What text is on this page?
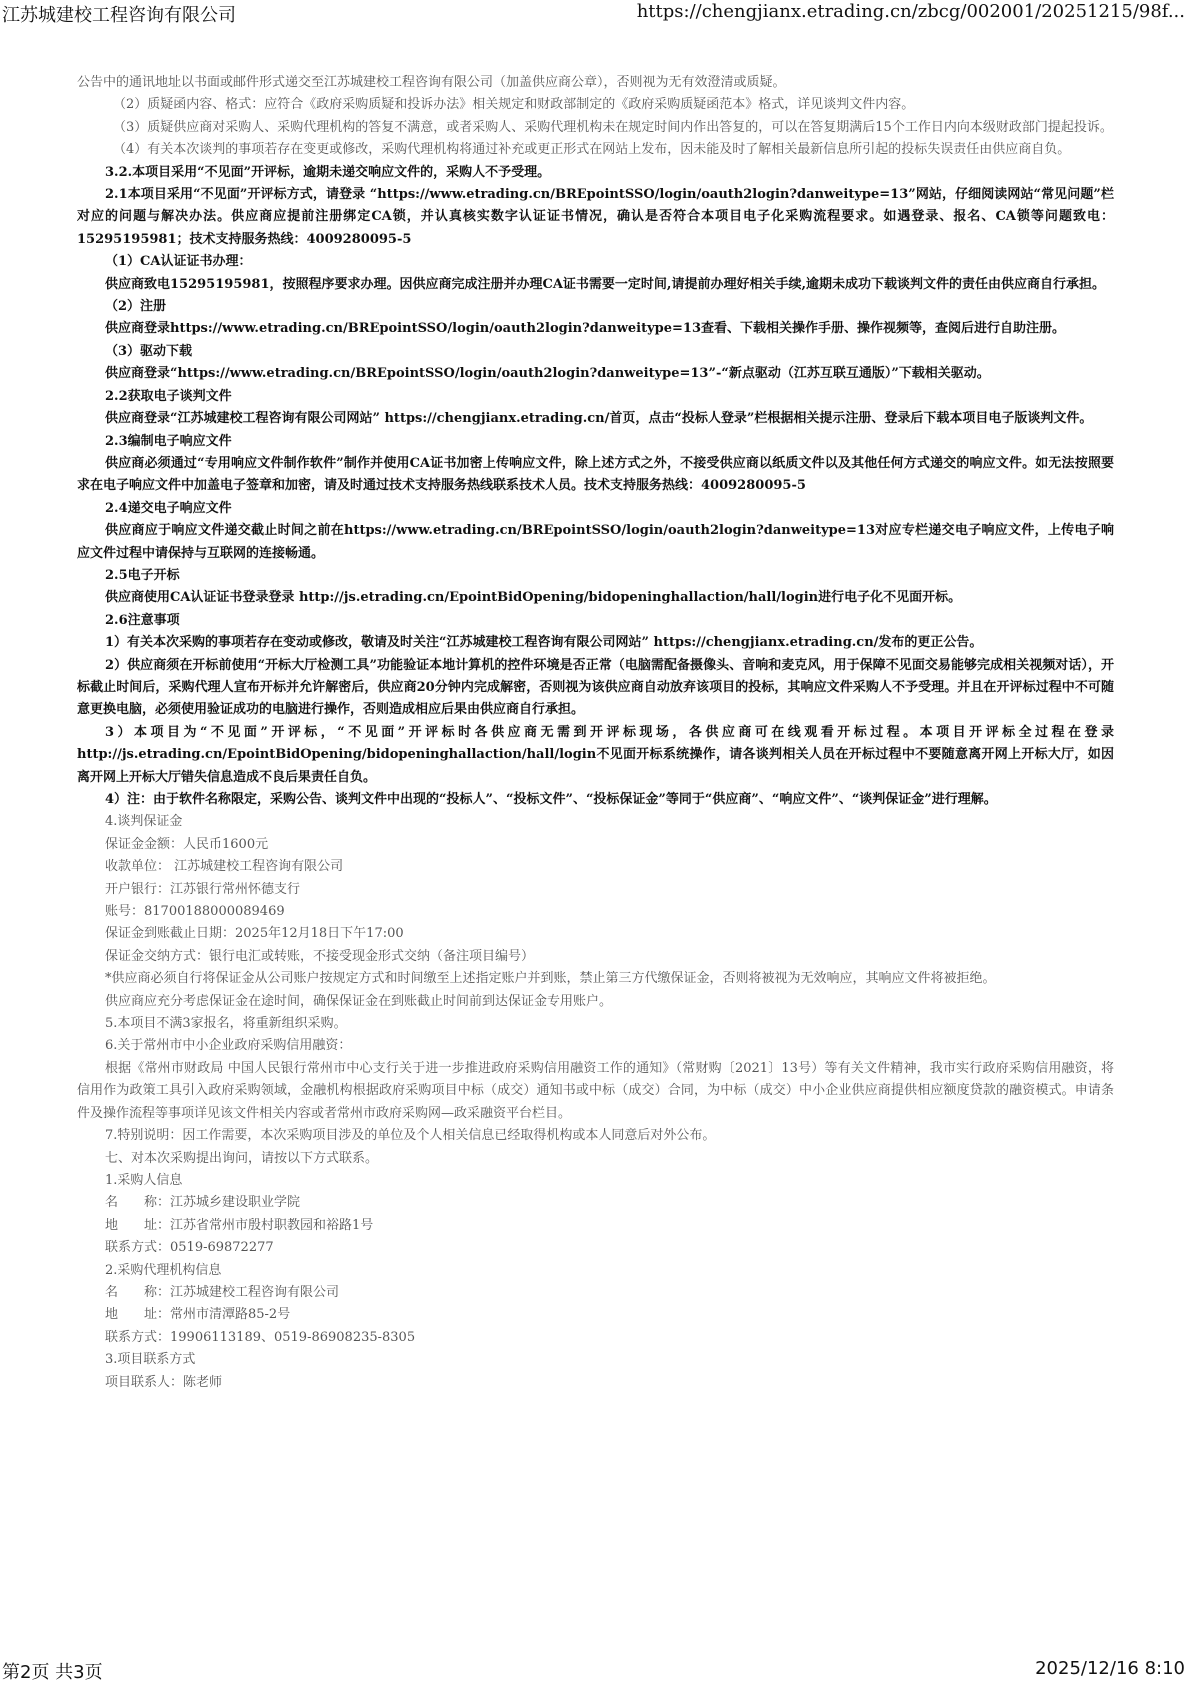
江苏城建校工程咨询有限公司	https://chengjianx.etrading.cn/zbcg/002001/20251215/98f...

公告中的通讯地址以书面或邮件形式递交至江苏城建校工程咨询有限公司（加盖供应商公章），否则视为无有效澄清或质疑。

（2）质疑函内容、格式：应符合《政府采购质疑和投诉办法》相关规定和财政部制定的《政府采购质疑函范本》格式，详见谈判文件内容。

（3）质疑供应商对采购人、采购代理机构的答复不满意，或者采购人、采购代理机构未在规定时间内作出答复的，可以在答复期满后15个工作日内向本级财政部门提起投诉。

（4）有关本次谈判的事项若存在变更或修改，采购代理机构将通过补充或更正形式在网站上发布，因未能及时了解相关最新信息所引起的投标失误责任由供应商自负。

3.2.本项目采用“不见面”开评标，逾期未递交响应文件的，采购人不予受理。

2.1本项目采用“不见面”开评标方式，请登录 “https://www.etrading.cn/BREpointSSO/login/oauth2login?danweitype=13”网站，仔细阅读网站“常见问题”栏对应的问题与解决办法。供应商应提前注册绑定CA锁，并认真核实数字认证证书情况，确认是否符合本项目电子化采购流程要求。如遇登录、报名、CA锁等问题致电：15295195981；技术支持服务热线：4009280095-5

（1）CA认证证书办理：

供应商致电15295195981，按照程序要求办理。因供应商完成注册并办理CA证书需要一定时间,请提前办理好相关手续,逾期未成功下载谈判文件的责任由供应商自行承担。

（2）注册

供应商登录https://www.etrading.cn/BREpointSSO/login/oauth2login?danweitype=13查看、下载相关操作手册、操作视频等，查阅后进行自助注册。

（3）驱动下载

供应商登录“https://www.etrading.cn/BREpointSSO/login/oauth2login?danweitype=13”-“新点驱动（江苏互联互通版）”下载相关驱动。

2.2获取电子谈判文件

供应商登录“江苏城建校工程咨询有限公司网站” https://chengjianx.etrading.cn/首页，点击“投标人登录”栏根据相关提示注册、登录后下载本项目电子版谈判文件。

2.3编制电子响应文件

供应商必须通过“专用响应文件制作软件”制作并使用CA证书加密上传响应文件，除上述方式之外，不接受供应商以纸质文件以及其他任何方式递交的响应文件。如无法按照要求在电子响应文件中加盖电子签章和加密，请及时通过技术支持服务热线联系技术人员。技术支持服务热线：4009280095-5

2.4递交电子响应文件

供应商应于响应文件递交截止时间之前在https://www.etrading.cn/BREpointSSO/login/oauth2login?danweitype=13对应专栏递交电子响应文件，上传电子响应文件过程中请保持与互联网的连接畅通。

2.5电子开标

供应商使用CA认证证书登录登录 http://js.etrading.cn/EpointBidOpening/bidopeninghallaction/hall/login进行电子化不见面开标。

2.6注意事项

1）有关本次采购的事项若存在变动或修改，敬请及时关注“江苏城建校工程咨询有限公司网站” https://chengjianx.etrading.cn/发布的更正公告。

2）供应商须在开标前使用“开标大厅检测工具”功能验证本地计算机的控件环境是否正常（电脑需配备摄像头、音响和麦克风，用于保障不见面交易能够完成相关视频对话），开标截止时间后，采购代理人宣布开标并允许解密后，供应商20分钟内完成解密，否则视为该供应商自动放弃该项目的投标，其响应文件采购人不予受理。并且在开评标过程中不可随意更换电脑，必须使用验证成功的电脑进行操作，否则造成相应后果由供应商自行承担。

3）本项目为“不见面”开评标，“不见面”开评标时各供应商无需到开评标现场，各供应商可在线观看开标过程。本项目开评标全过程在登录 http://js.etrading.cn/EpointBidOpening/bidopeninghallaction/hall/login不见面开标系统操作，请各谈判相关人员在开标过程中不要随意离开网上开标大厅，如因离开网上开标大厅错失信息造成不良后果责任自负。

4）注：由于软件名称限定，采购公告、谈判文件中出现的“投标人”、“投标文件”、“投标保证金”等同于“供应商”、“响应文件”、“谈判保证金”进行理解。

4.谈判保证金

保证金金额：人民币1600元

收款单位： 江苏城建校工程咨询有限公司

开户银行：江苏银行常州怀德支行

账号：81700188000089469

保证金到账截止日期：2025年12月18日下午17:00

保证金交纳方式：银行电汇或转账，不接受现金形式交纳（备注项目编号）

*供应商必须自行将保证金从公司账户按规定方式和时间缴至上述指定账户并到账，禁止第三方代缴保证金，否则将被视为无效响应，其响应文件将被拒绝。

供应商应充分考虑保证金在途时间，确保保证金在到账截止时间前到达保证金专用账户。

5.本项目不满3家报名，将重新组织采购。

6.关于常州市中小企业政府采购信用融资：

根据《常州市财政局 中国人民银行常州市中心支行关于进一步推进政府采购信用融资工作的通知》（常财购〔2021〕13号）等有关文件精神，我市实行政府采购信用融资，将信用作为政策工具引入政府采购领域，金融机构根据政府采购项目中标（成交）通知书或中标（成交）合同，为中标（成交）中小企业供应商提供相应额度贷款的融资模式。申请条件及操作流程等事项详见该文件相关内容或者常州市政府采购网—政采融资平台栏目。

7.特别说明：因工作需要，本次采购项目涉及的单位及个人相关信息已经取得机构或本人同意后对外公布。

七、对本次采购提出询问，请按以下方式联系。

1.采购人信息

名　　称：江苏城乡建设职业学院

地　　址：江苏省常州市殷村职教园和裕路1号

联系方式：0519-69872277

2.采购代理机构信息

名　　称：江苏城建校工程咨询有限公司

地　　址：常州市清潭路85-2号

联系方式：19906113189、0519-86908235-8305

3.项目联系方式

项目联系人：陈老师

第2页 共3页	2025/12/16 8:10
